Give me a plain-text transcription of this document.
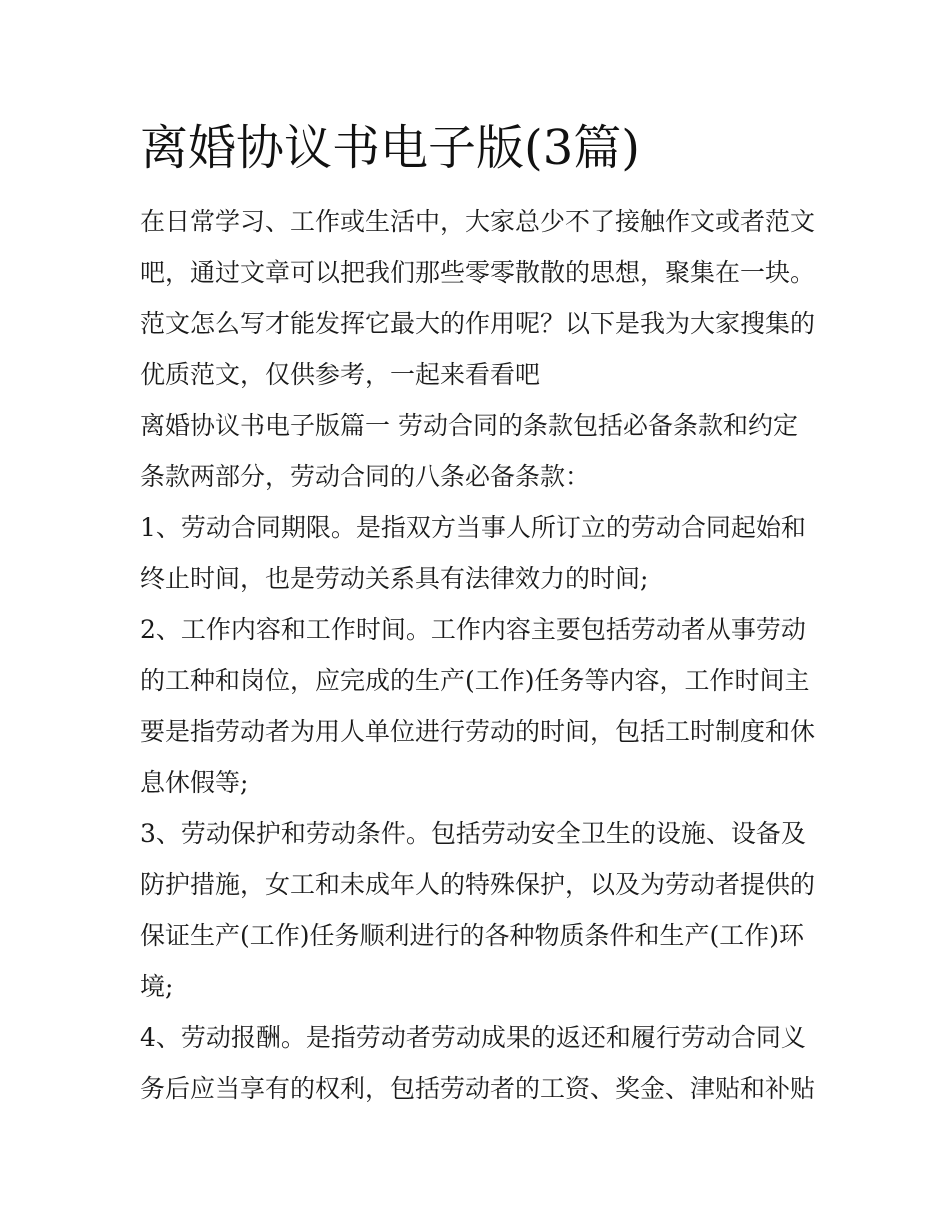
离婚协议书电子版(3篇)
在日常学习、工作或生活中，大家总少不了接触作文或者范文
吧，通过文章可以把我们那些零零散散的思想，聚集在一块。
范文怎么写才能发挥它最大的作用呢？以下是我为大家搜集的
优质范文，仅供参考，一起来看看吧
离婚协议书电子版篇一 劳动合同的条款包括必备条款和约定
条款两部分，劳动合同的八条必备条款：
1、劳动合同期限。是指双方当事人所订立的劳动合同起始和
终止时间，也是劳动关系具有法律效力的时间;
2、工作内容和工作时间。工作内容主要包括劳动者从事劳动
的工种和岗位，应完成的生产(工作)任务等内容，工作时间主
要是指劳动者为用人单位进行劳动的时间，包括工时制度和休
息休假等;
3、劳动保护和劳动条件。包括劳动安全卫生的设施、设备及
防护措施，女工和未成年人的特殊保护，以及为劳动者提供的
保证生产(工作)任务顺利进行的各种物质条件和生产(工作)环
境;
4、劳动报酬。是指劳动者劳动成果的返还和履行劳动合同义
务后应当享有的权利，包括劳动者的工资、奖金、津贴和补贴
